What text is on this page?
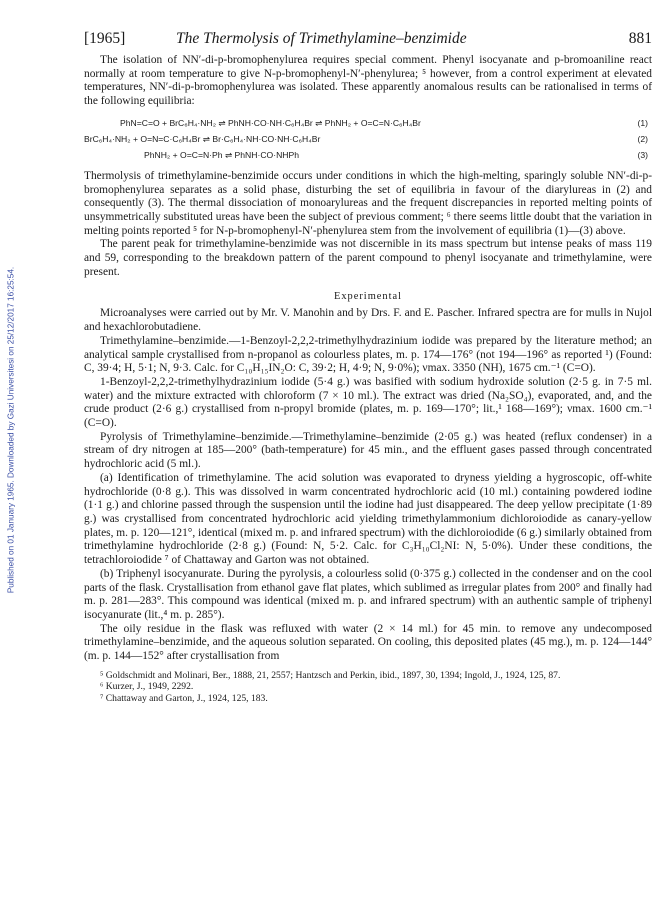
Published on 01 January 1965. Downloaded by Gazi Universitesi on 25/12/2017 16:25:54.
[1965]	The Thermolysis of Trimethylamine–benzimide	881

The isolation of NN′-di-p-bromophenylurea requires special comment. Phenyl isocyanate and p-bromoaniline react normally at room temperature to give N-p-bromophenyl-N′-phenylurea; ⁵ however, from a control experiment at elevated temperatures, NN′-di-p-bromophenylurea was isolated. These apparently anomalous results can be rationalised in terms of the following equilibria:

PhN=C=O + BrC₆H₄·NH₂ ⇌ PhNH·CO·NH·C₆H₄Br ⇌ PhNH₂ + O=C=N·C₆H₄Br	(1)
BrC₆H₄·NH₂ + O=N=C·C₆H₄Br ⇌ Br·C₆H₄·NH·CO·NH·C₆H₄Br	(2)
PhNH₂ + O=C=N·Ph ⇌ PhNH·CO·NHPh	(3)

Thermolysis of trimethylamine-benzimide occurs under conditions in which the high-melting, sparingly soluble NN′-di-p-bromophenylurea separates as a solid phase, disturbing the set of equilibria in favour of the diarylureas in (2) and consequently (3). The thermal dissociation of monoarylureas and the frequent discrepancies in reported melting points of unsymmetrically substituted ureas have been the subject of previous comment; ⁶ there seems little doubt that the variation in melting points reported ⁵ for N-p-bromophenyl-N′-phenylurea stem from the involvement of equilibria (1)—(3) above.

The parent peak for trimethylamine-benzimide was not discernible in its mass spectrum but intense peaks of mass 119 and 59, corresponding to the breakdown pattern of the parent compound to phenyl isocyanate and trimethylamine, were present.

Experimental

Microanalyses were carried out by Mr. V. Manohin and by Drs. F. and E. Pascher. Infrared spectra are for mulls in Nujol and hexachlorobutadiene.

Trimethylamine–benzimide.—1-Benzoyl-2,2,2-trimethylhydrazinium iodide was prepared by the literature method; an analytical sample crystallised from n-propanol as colourless plates, m. p. 174—176° (not 194—196° as reported ¹) (Found: C, 39·4; H, 5·1; N, 9·3. Calc. for C₁₀H₁₅IN₂O: C, 39·2; H, 4·9; N, 9·0%); νmax. 3350 (NH), 1675 cm.⁻¹ (C=O).

1-Benzoyl-2,2,2-trimethylhydrazinium iodide (5·4 g.) was basified with sodium hydroxide solution (2·5 g. in 7·5 ml. water) and the mixture extracted with chloroform (7 × 10 ml.). The extract was dried (Na₂SO₄), evaporated, and, and the crude product (2·6 g.) crystallised from n-propyl bromide (plates, m. p. 169—170°; lit.,¹ 168—169°); νmax. 1600 cm.⁻¹ (C=O).

Pyrolysis of Trimethylamine–benzimide.—Trimethylamine–benzimide (2·05 g.) was heated (reflux condenser) in a stream of dry nitrogen at 185—200° (bath-temperature) for 45 min., and the effluent gases passed through concentrated hydrochloric acid (5 ml.).

(a) Identification of trimethylamine. The acid solution was evaporated to dryness yielding a hygroscopic, off-white hydrochloride (0·8 g.). This was dissolved in warm concentrated hydrochloric acid (10 ml.) containing powdered iodine (1·1 g.) and chlorine passed through the suspension until the iodine had just disappeared. The deep yellow precipitate (1·89 g.) was crystallised from concentrated hydrochloric acid yielding trimethylammonium dichloroiodide as canary-yellow plates, m. p. 120—121°, identical (mixed m. p. and infrared spectrum) with the dichloroiodide (6 g.) similarly obtained from trimethylamine hydrochloride (2·8 g.) (Found: N, 5·2. Calc. for C₃H₁₀Cl₂NI: N, 5·0%). Under these conditions, the tetrachloroiodide ⁷ of Chattaway and Garton was not obtained.

(b) Triphenyl isocyanurate. During the pyrolysis, a colourless solid (0·375 g.) collected in the condenser and on the cool parts of the flask. Crystallisation from ethanol gave flat plates, which sublimed as irregular plates from 200° and finally had m. p. 281—283°. This compound was identical (mixed m. p. and infrared spectrum) with an authentic sample of triphenyl isocyanurate (lit.,⁴ m. p. 285°).

The oily residue in the flask was refluxed with water (2 × 14 ml.) for 45 min. to remove any undecomposed trimethylamine–benzimide, and the aqueous solution separated. On cooling, this deposited plates (45 mg.), m. p. 124—144° (m. p. 144—152° after crystallisation from

⁵ Goldschmidt and Molinari, Ber., 1888, 21, 2557; Hantzsch and Perkin, ibid., 1897, 30, 1394; Ingold, J., 1924, 125, 87.
⁶ Kurzer, J., 1949, 2292.
⁷ Chattaway and Garton, J., 1924, 125, 183.
